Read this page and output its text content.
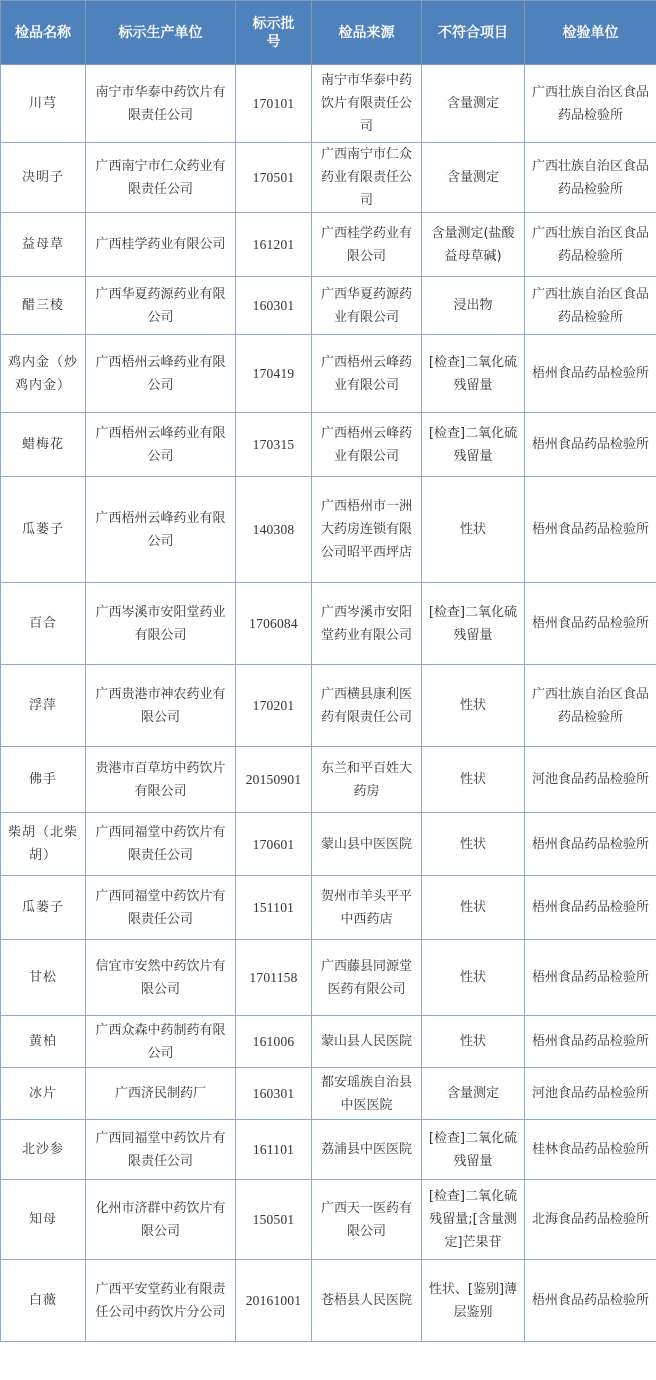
检品名称	标示生产单位	标示批号	检品来源	不符合项目	检验单位
川芎	南宁市华泰中药饮片有限责任公司	170101	南宁市华泰中药饮片有限责任公司	含量测定	广西壮族自治区食品药品检验所
决明子	广西南宁市仁众药业有限责任公司	170501	广西南宁市仁众药业有限责任公司	含量测定	广西壮族自治区食品药品检验所
益母草	广西桂学药业有限公司	161201	广西桂学药业有限公司	含量测定(盐酸益母草碱)	广西壮族自治区食品药品检验所
醋三棱	广西华夏药源药业有限公司	160301	广西华夏药源药业有限公司	浸出物	广西壮族自治区食品药品检验所
鸡内金（炒鸡内金）	广西梧州云峰药业有限公司	170419	广西梧州云峰药业有限公司	[检查]二氧化硫残留量	梧州食品药品检验所
蜡梅花	广西梧州云峰药业有限公司	170315	广西梧州云峰药业有限公司	[检查]二氧化硫残留量	梧州食品药品检验所
瓜蒌子	广西梧州云峰药业有限公司	140308	广西梧州市一洲大药房连锁有限公司昭平西坪店	性状	梧州食品药品检验所
百合	广西岑溪市安阳堂药业有限公司	1706084	广西岑溪市安阳堂药业有限公司	[检查]二氧化硫残留量	梧州食品药品检验所
浮萍	广西贵港市神农药业有限公司	170201	广西横县康利医药有限责任公司	性状	广西壮族自治区食品药品检验所
佛手	贵港市百草坊中药饮片有限公司	20150901	东兰和平百姓大药房	性状	河池食品药品检验所
柴胡（北柴胡）	广西同福堂中药饮片有限责任公司	170601	蒙山县中医医院	性状	梧州食品药品检验所
瓜蒌子	广西同福堂中药饮片有限责任公司	151101	贺州市羊头平平中西药店	性状	梧州食品药品检验所
甘松	信宜市安然中药饮片有限公司	1701158	广西藤县同源堂医药有限公司	性状	梧州食品药品检验所
黄柏	广西众森中药制药有限公司	161006	蒙山县人民医院	性状	梧州食品药品检验所
冰片	广西济民制药厂	160301	都安瑶族自治县中医医院	含量测定	河池食品药品检验所
北沙参	广西同福堂中药饮片有限责任公司	161101	荔浦县中医医院	[检查]二氧化硫残留量	桂林食品药品检验所
知母	化州市济群中药饮片有限公司	150501	广西天一医药有限公司	[检查]二氧化硫残留量;[含量测定]芒果苷	北海食品药品检验所
白薇	广西平安堂药业有限责任公司中药饮片分公司	20161001	苍梧县人民医院	性状、[鉴别]薄层鉴别	梧州食品药品检验所
